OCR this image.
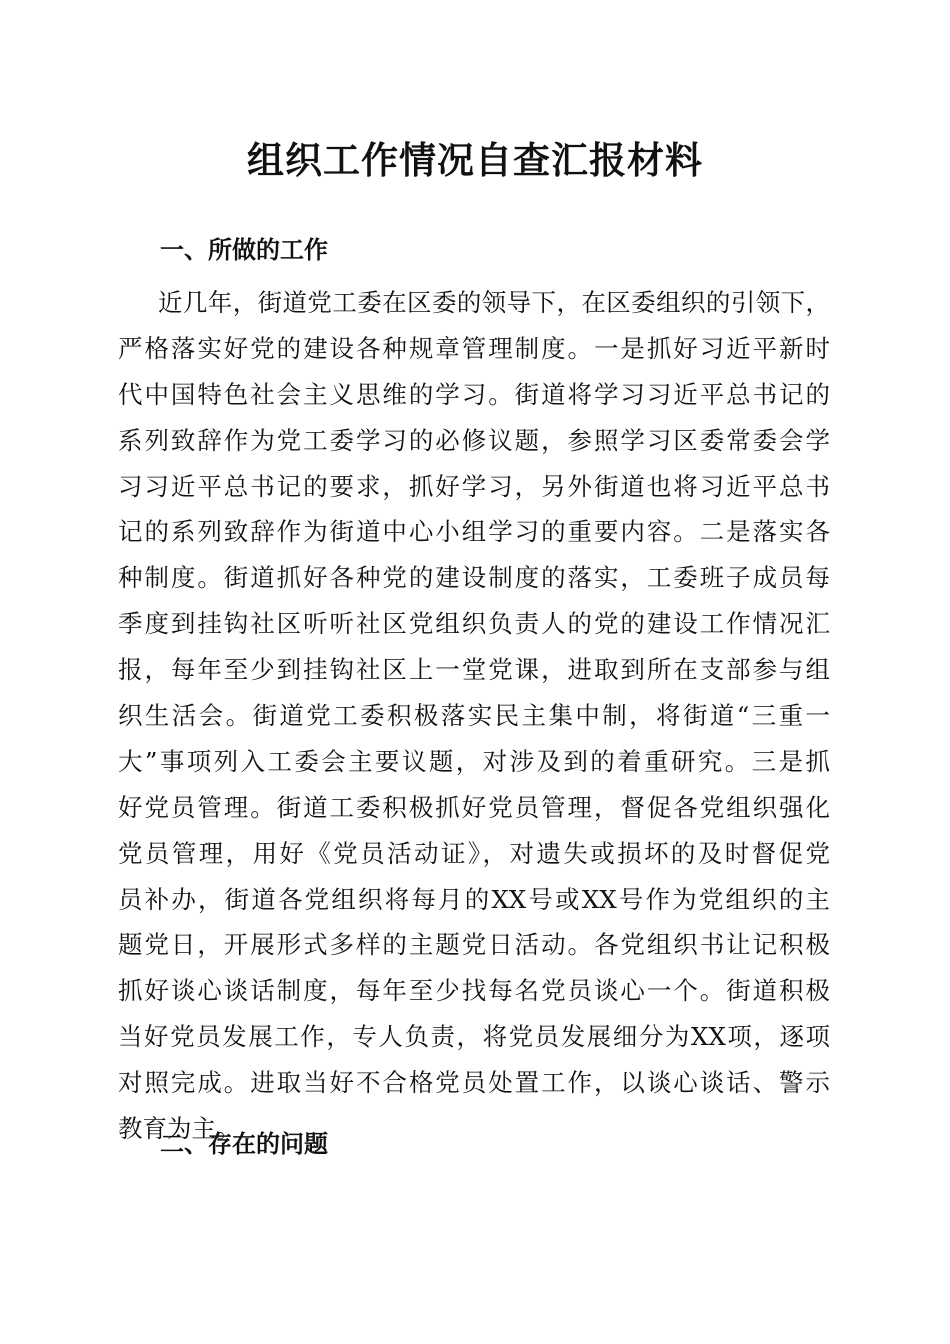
组织工作情况自查汇报材料
一、所做的工作
近几年，街道党工委在区委的领导下，在区委组织的引领下，
严格落实好党的建设各种规章管理制度。一是抓好习近平新时
代中国特色社会主义思维的学习。街道将学习习近平总书记的
系列致辞作为党工委学习的必修议题，参照学习区委常委会学
习习近平总书记的要求，抓好学习，另外街道也将习近平总书
记的系列致辞作为街道中心小组学习的重要内容。二是落实各
种制度。街道抓好各种党的建设制度的落实，工委班子成员每
季度到挂钩社区听听社区党组织负责人的党的建设工作情况汇
报，每年至少到挂钩社区上一堂党课，进取到所在支部参与组
织生活会。街道党工委积极落实民主集中制，将街道“三重一
大”事项列入工委会主要议题，对涉及到的着重研究。三是抓
好党员管理。街道工委积极抓好党员管理，督促各党组织强化
党员管理，用好《党员活动证》，对遗失或损坏的及时督促党
员补办，街道各党组织将每月的XX号或XX号作为党组织的主
题党日，开展形式多样的主题党日活动。各党组织书让记积极
抓好谈心谈话制度，每年至少找每名党员谈心一个。街道积极
当好党员发展工作，专人负责，将党员发展细分为XX项，逐项
对照完成。进取当好不合格党员处置工作，以谈心谈话、警示
教育为主。
二、存在的问题
